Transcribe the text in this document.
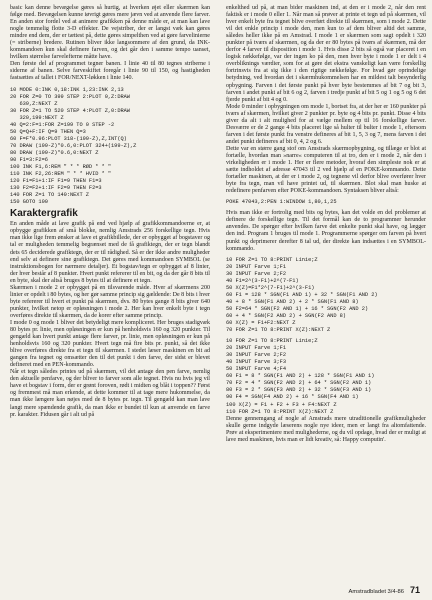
basic kan denne bevægelse gøres så hurtig, at hverken øjet eller skærmen kan følge med. Bevægelsen kunne iøvrigt gøres mere jævn ved at anvende flere farver. En anden stor fordel ved at animere grafikken på denne måde er, at man kan lave nogle temmelig flotte 3-D effekter. De vejstriber, der er langst væk kan gøres mindre end dem, der er tættest på, dette gøres simpelthen ved at gøre farvelinierne (= striberne) bredere. Rutinen bliver ikke langsommere af den grund, da INK-kommandoen kun skal definere farven, og det går den i samme tempo uanset, hvilken størrelse farvelefterne måtte have.

Den første del af programmet tegner banen. I linie 40 til 80 tegnes striberne i siderne af banen. Selve farveskiftet foregår i linie 90 til 150, og hastigheden fastsættes af tallet i FOR/NEXT-løkken i linie 140.

10 MODE 0:INK 0,18:INK 1,23:INK 2,13
20 FOR Z=0 TO 399 STEP 2:PLOT 0,Z:DRAW
639,Z:NEXT Z
30 FOR Z=1 TO 520 STEP 4:PLOT Z,0:DRAW
320,199:NEXT Z
40 Q=2:F=1:FOR Z=199 TO 0 STEP -2
50 Q=Q+F:IF Q=9 THEN Q=3
60 F=F*0.96:PLOT 318-(199-Z),Z,INT(Q)
70 DRAW (199-Z)*0.6,0:PLOT 324+(199-Z),Z
80 DRAW (199-Z)*0.6,0:NEXT Z
90 F1=3:F2=6
100 INK F1,6:REM " * * RØD * * "
110 INK F2,26:REM " * * HVID * "
120 F1=F1+1:IF F1=9 THEN F1=3
130 F2=F2+1:IF F2=9 THEN F2=3
140 FOR Z=1 TO 140:NEXT Z
150 GOTO 100
Karaktergrafik

En anden måde at lave grafik på end ved hjælp af grafikkommandoerne er, at opbygge grafikken af små blokke, nemlig Amstrads 256 forskellige tegn. Hvis man ikke lige frem ønsker at lave et grafikbillede, der er opbygget af bogstaver og tal er muligheden temmelig begrænset med de få grafiktegn, der er tegn blandt dets 65 deciderede grafiktegn, der er til rådighed. Så er der ikke andre muligheder end selv at definere sine grafiktegn. Det gøres med kommandoen SYMBOL (se instruktionsbogen for nærmere detaljer). Et bogstav/tegn er opbygget af 8 linier, der hver består af 8 punkter. Hvert punkt refererer til en bit, og da der går 8 bits til en byte, skal der altså bruges 8 bytes til at definere et tegn.

Skærmen i mode 2 er opbygget på en tilsvarende måde. Hver af skærmens 200 linier er opdelt i 80 bytes, og her gør samme princip sig gældende: De 8 bits i hver byte refererer til hvert et punkt på skærmen, dvs. 80 bytes gange 8 bits giver 640 punkter, hvilket netop er opløsningen i mode 2. Her kan hver enkelt byte i tegn overføres direkte til skærmen, da de korer efter samme princip.

I mode 0 og mode 1 bliver det betydeligt mere kompliceret. Her bruges stadigvæk 80 bytes pr. linie, men opløsningen er kun på henholdsvis 160 og 320 punkter. Til gengæld kan hvert punkt antage flere farver, pr. linie, men opløsningen er kun på henholdsvis 160 og 320 punkter. Hvert tegn må fire bits pr. punkt, så det ikke blive overføres direkte fra et tegn til skærmen. I stedet læser maskinen en bit ad gangen fra tegnet og omsætter den til det punkt i den farve, der sidst er blevet defineret med en PEN-kommando.

Når et tegn således printes ud på skærmen, vil det antage den pen farve, nemlig den aktuelle penfarve, og der bliver to farver som alle tegnet. Hvis nu hvis jeg vil have et bogstav i form, der er grønt foroven, rødt i midten og blåt i toppen?? Først og fremmest må man erkende, at dette kommer til at tage mere hukommelse, da man ikke længere kan nøjes med de 8 bytes pr. tegn. Til gengæld kan man lave langt mere spændende grafik, da man ikke er bundet til kun at anvende en farve pr. karakter. Fidusen går i alt ud på

enkelthed ud på, at man bider maskinen ind, at den er i mode 2, når den rent faktisk er i mode 0 eller 1. Når man så prøver at printe et tegn ud på skærmen, vil hver enkelt byte fra tegnet blive overført direkte til skærmen, som i mode 2. Dette vil det enkle princip i mode den, men kun to af dem bliver altid det samme, således heller ikke på en Amstrad. I mode 1 er skærmen som sagt opdelt i 320 punkter på tværs af skærmen, og da der er 80 bytes på tværs af skærmen, må der derfor 4 farver til disposition i mode 1. Hvis disse 2 bits så også var placeret i en logisk rækkefølge, var der ingen ko på den, men hver byte i mode 1 er delt i 4 overbliknings værdier, som for at gøre det ekstra vanskeligt kan være forskellig fortrinsvis fra at sig ikke i den rigtige rækkefølge. For hvad gør oprindelige betydning, ved hvordan det i skærmhukommelsen har en mildest talt besynderlig opbygning. Farven i det første punkt på hver byte bestemmes af bit 7 og bit 3, farven i andet punkt af bit 6 og 2, farven i tredje punkt af bit 5 og 1 og 5 og 6 det fjerde punkt af bit 4 og 0.

Mode 0 minder i opbygningen om mode 1, bortset fra, at der her er 160 punkter på tværs af skærmen, hvilket giver 2 punkter pr. byte og 4 bits pr. punkt. Disse 4 bits giver da alt i alt mulighed for at vælge mellem op til 16 forskellige farver. Desværre er de 2 gange 4 bits placeret lige så hulter til bulter i mode 1, eftersom farven i det første punkt fra venstre defineres af bit 1, 5, 3 og 7, mens farven i det andet punkt defineres af bit 0, 4, 2 og 6.

Dette var en større gang stof om Amstrads skærmopbygning, og tillæge er blot at fortælle, hvordan man »narre« computeren til at tro, den er i mode 2, når den i virkeligheden er i mode 1. Her er flere metoder, hvoraf den simpleste nok er at sætte indholdet af adresse 47043 til 2 ved hjælp af en POKE-kommando. Dette fortæller maskinen, at der er i mode 2, og tegnene vil derfor blive overfører hver byte fra tegn, man vil have printet ud, til skærmen. Blot skal man huske at redefinere penfarven efter POKE-kommandoen. Syntaksen bliver altså:

POKE 47043,2:PEN 1:WINDOW 1,80,1,25

Hvis man ikke er fortrolig med bits og bytes, kan det volde en del problemer at definere de forskellige tegn. Til det formål kan de to programmer herunder anvendes. De spørger efter hvilken farve det enkelte punkt skal have, og lægger den ind. Program 1 bruges til mode 1. Programmerne spørger om farven på hvert punkt og deprimerer derefter 8 tal ud, der direkte kan indsættes i en SYMBOL-kommando.

10 FOR Z=1 TO 8:PRINT Linie;Z
20 INPUT Farve 1;F1
30 INPUT Farve 2;F2
40 F1=2^(3-F1)+2^(7-F1)
50 X(Z)=F1*2^(7-F1)+2^(3-F1)
60 F1 = 128 * SGN(F1 AND 1) + 32 * SGN(F1 AND 2)
40 + 8 * SGN(F1 AND 2) + 2 * SGN(F1 AND 8)
50 F2=64 * SGN(F2 AND 1) + 16 * SGN(F2 AND 2)
60 + 4 * SGN(F2 AND 2) + SGN(F2 AND 8)
60 X(Z) = F1+F2:NEXT Z
70 FOR Z=1 TO 8:PRINT X(Z):NEXT Z
10 FOR Z=1 TO 8:PRINT Linie;Z
20 INPUT Farve 1;F1
30 INPUT Farve 2;F2
40 INPUT Farve 3;F3
50 INPUT Farve 4;F4
60 F1 = 8 * SGN(F1 AND 2) + 128 * SGN(F1 AND 1)
70 F2 = 4 * SGN(F2 AND 2) + 64 * SGN(F2 AND 1)
80 F3 = 2 * SGN(F3 AND 2) + 32 * SGN(F3 AND 1)
90 F4 = SGN(F4 AND 2) + 16 * SGN(F4 AND 1)
100 X(Z) = F1 + F2 + F3 + F4:NEXT Z
110 FOR Z=1 TO 8:PRINT X(Z):NEXT Z

Denne gennemgang af nogle af Amstrads mere utraditionelle grafikmuligheder skulle gerne indgyde læserens nogle nye ideer, men er langt fra altomfattende. Prøv at eksperimentere med mulighederne, og du vil opdage, hvad der er muligt at lave med maskinen, hvis man er lidt kreativ, så: Happy computin'.

Amstradbladet 3/4-86 71
